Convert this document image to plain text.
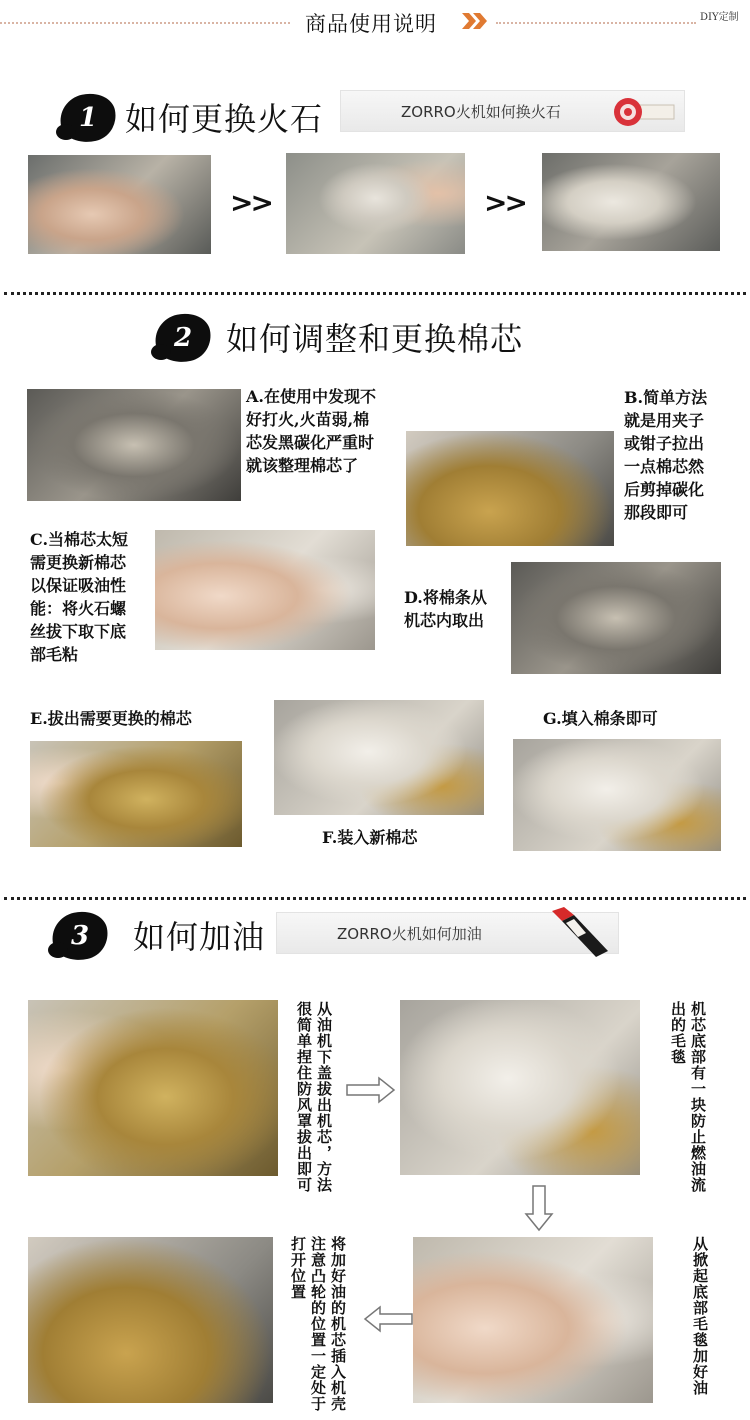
商品使用说明	DIY定制
1 如何更换火石	ZORRO火机如何换火石
>>	>>
2	如何调整和更换棉芯
A.在使用中发现不
好打火,火苗弱,棉
芯发黑碳化严重时
就该整理棉芯了
B.简单方法
就是用夹子
或钳子拉出
一点棉芯然
后剪掉碳化
那段即可
C.当棉芯太短
需更换新棉芯
以保证吸油性
能：将火石螺
丝拔下取下底
部毛粘
D.将棉条从
机芯内取出
E.拔出需要更换的棉芯
F.装入新棉芯
G.填入棉条即可
3	如何加油	ZORRO火机如何加油
从油机下盖拔出机芯，方法
很简单捏住防风罩拔出即可	机芯底部有一块防止燃油流
出的毛毯
将加好油的机芯插入机壳
注意凸轮的位置一定处于
打开位置	从掀起底部毛毯加好油
